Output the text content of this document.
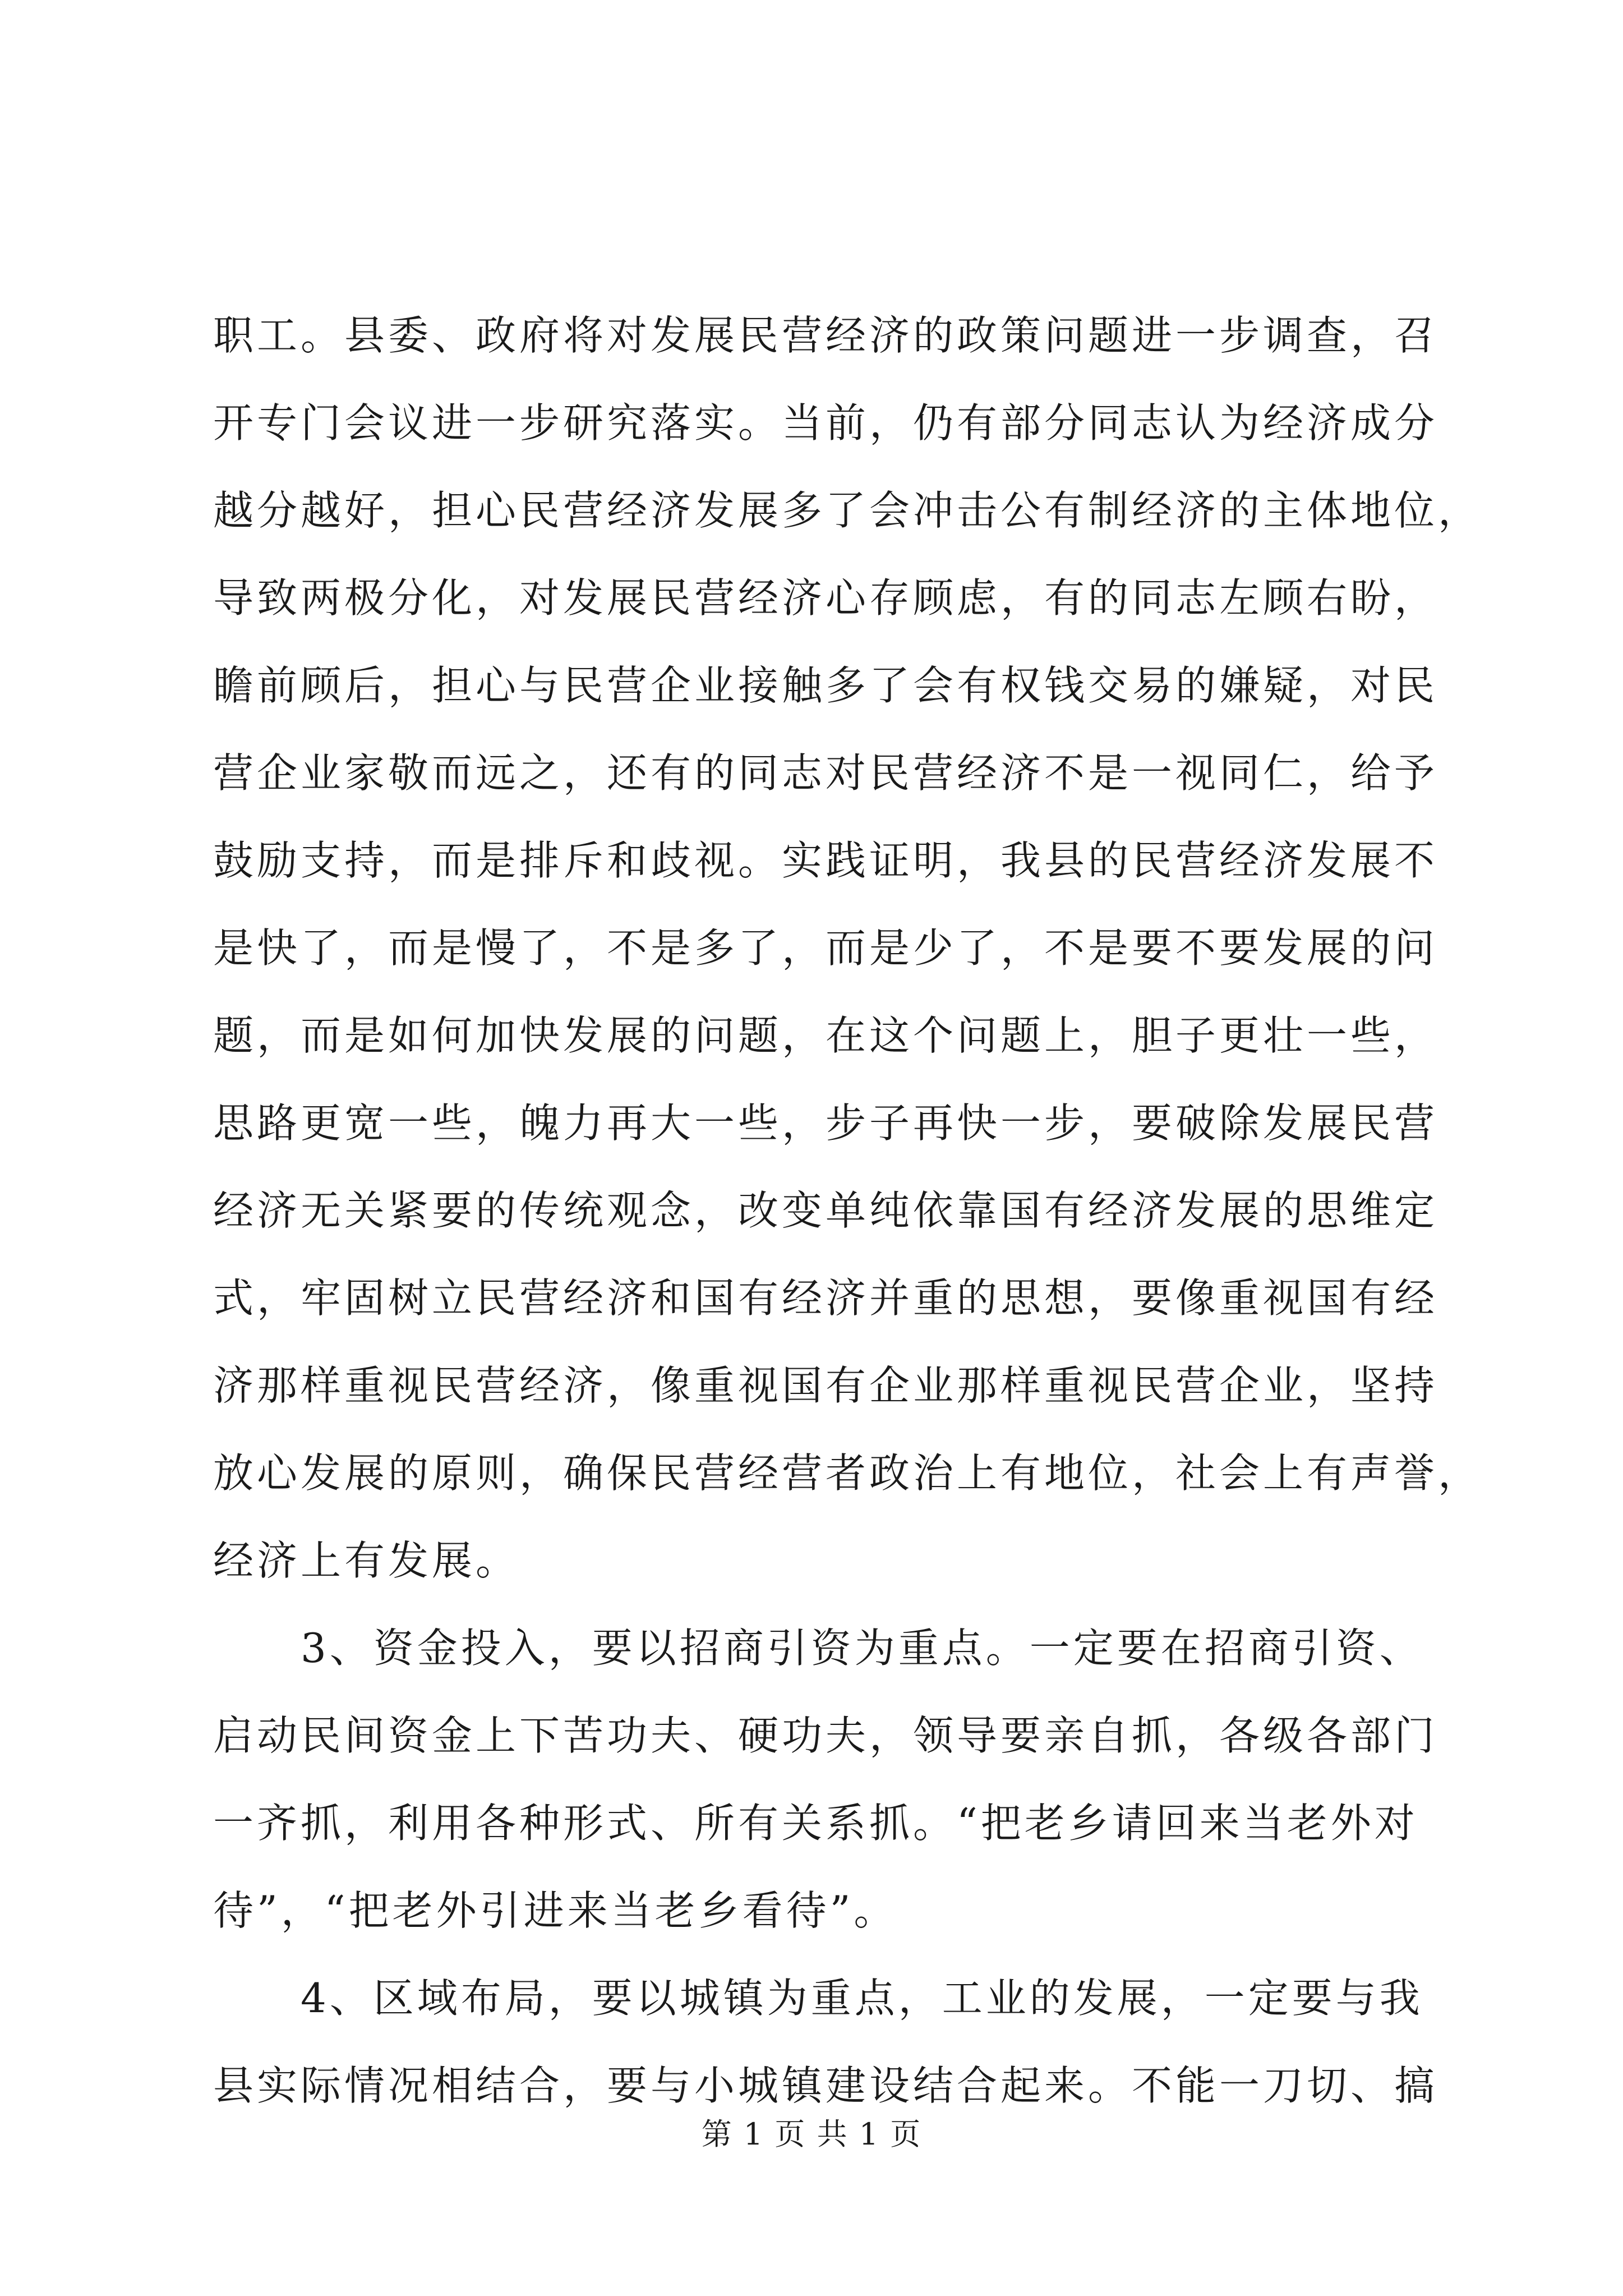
职工。县委、政府将对发展民营经济的政策问题进一步调查，召
开专门会议进一步研究落实。当前，仍有部分同志认为经济成分
越分越好，担心民营经济发展多了会冲击公有制经济的主体地位，
导致两极分化，对发展民营经济心存顾虑，有的同志左顾右盼，
瞻前顾后，担心与民营企业接触多了会有权钱交易的嫌疑，对民
营企业家敬而远之，还有的同志对民营经济不是一视同仁，给予
鼓励支持，而是排斥和歧视。实践证明，我县的民营经济发展不
是快了，而是慢了，不是多了，而是少了，不是要不要发展的问
题，而是如何加快发展的问题，在这个问题上，胆子更壮一些，
思路更宽一些，魄力再大一些，步子再快一步，要破除发展民营
经济无关紧要的传统观念，改变单纯依靠国有经济发展的思维定
式，牢固树立民营经济和国有经济并重的思想，要像重视国有经
济那样重视民营经济，像重视国有企业那样重视民营企业，坚持
放心发展的原则，确保民营经营者政治上有地位，社会上有声誉，
经济上有发展。
　　3、资金投入，要以招商引资为重点。一定要在招商引资、
启动民间资金上下苦功夫、硬功夫，领导要亲自抓，各级各部门
一齐抓，利用各种形式、所有关系抓。“把老乡请回来当老外对
待”，“把老外引进来当老乡看待”。
　　4、区域布局，要以城镇为重点，工业的发展，一定要与我
县实际情况相结合，要与小城镇建设结合起来。不能一刀切、搞
第 1 页 共 1 页
